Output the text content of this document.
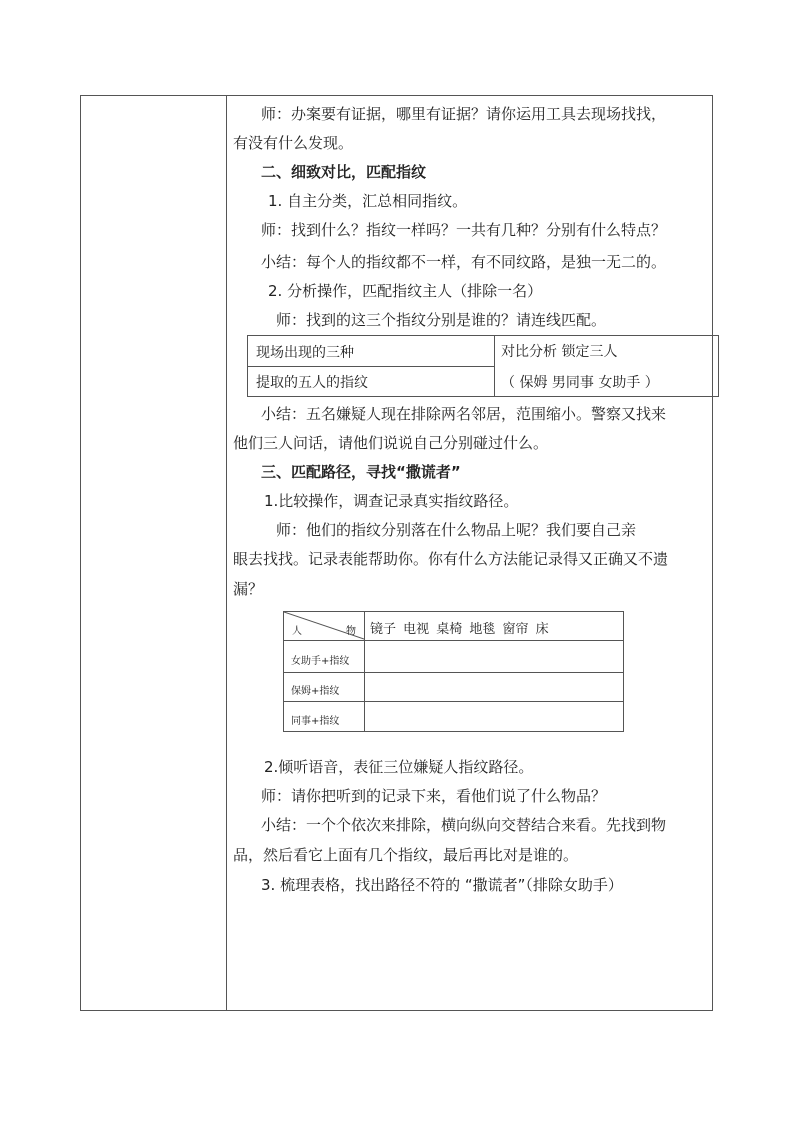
师：办案要有证据，哪里有证据？请你运用工具去现场找找，
有没有什么发现。
二、细致对比，匹配指纹
1. 自主分类，汇总相同指纹。
师：找到什么？指纹一样吗？一共有几种？分别有什么特点？
小结：每个人的指纹都不一样，有不同纹路，是独一无二的。
2. 分析操作，匹配指纹主人（排除一名）
师：找到的这三个指纹分别是谁的？请连线匹配。
现场出现的三种
提取的五人的指纹
对比分析 锁定三人
（ 保姆 男同事 女助手 ）
小结：五名嫌疑人现在排除两名邻居，范围缩小。警察又找来
他们三人问话，请他们说说自己分别碰过什么。
三、匹配路径，寻找“撒谎者”
1.比较操作，调查记录真实指纹路径。
师：他们的指纹分别落在什么物品上呢？我们要自己亲
眼去找找。记录表能帮助你。你有什么方法能记录得又正确又不遗
漏？
人	物 镜子 电视 桌椅 地毯 窗帘 床
女助手+指纹
保姆+指纹
同事+指纹
2.倾听语音，表征三位嫌疑人指纹路径。
师：请你把听到的记录下来，看他们说了什么物品？
小结：一个个依次来排除，横向纵向交替结合来看。先找到物
品，然后看它上面有几个指纹，最后再比对是谁的。
3. 梳理表格，找出路径不符的 “撒谎者”（排除女助手）
